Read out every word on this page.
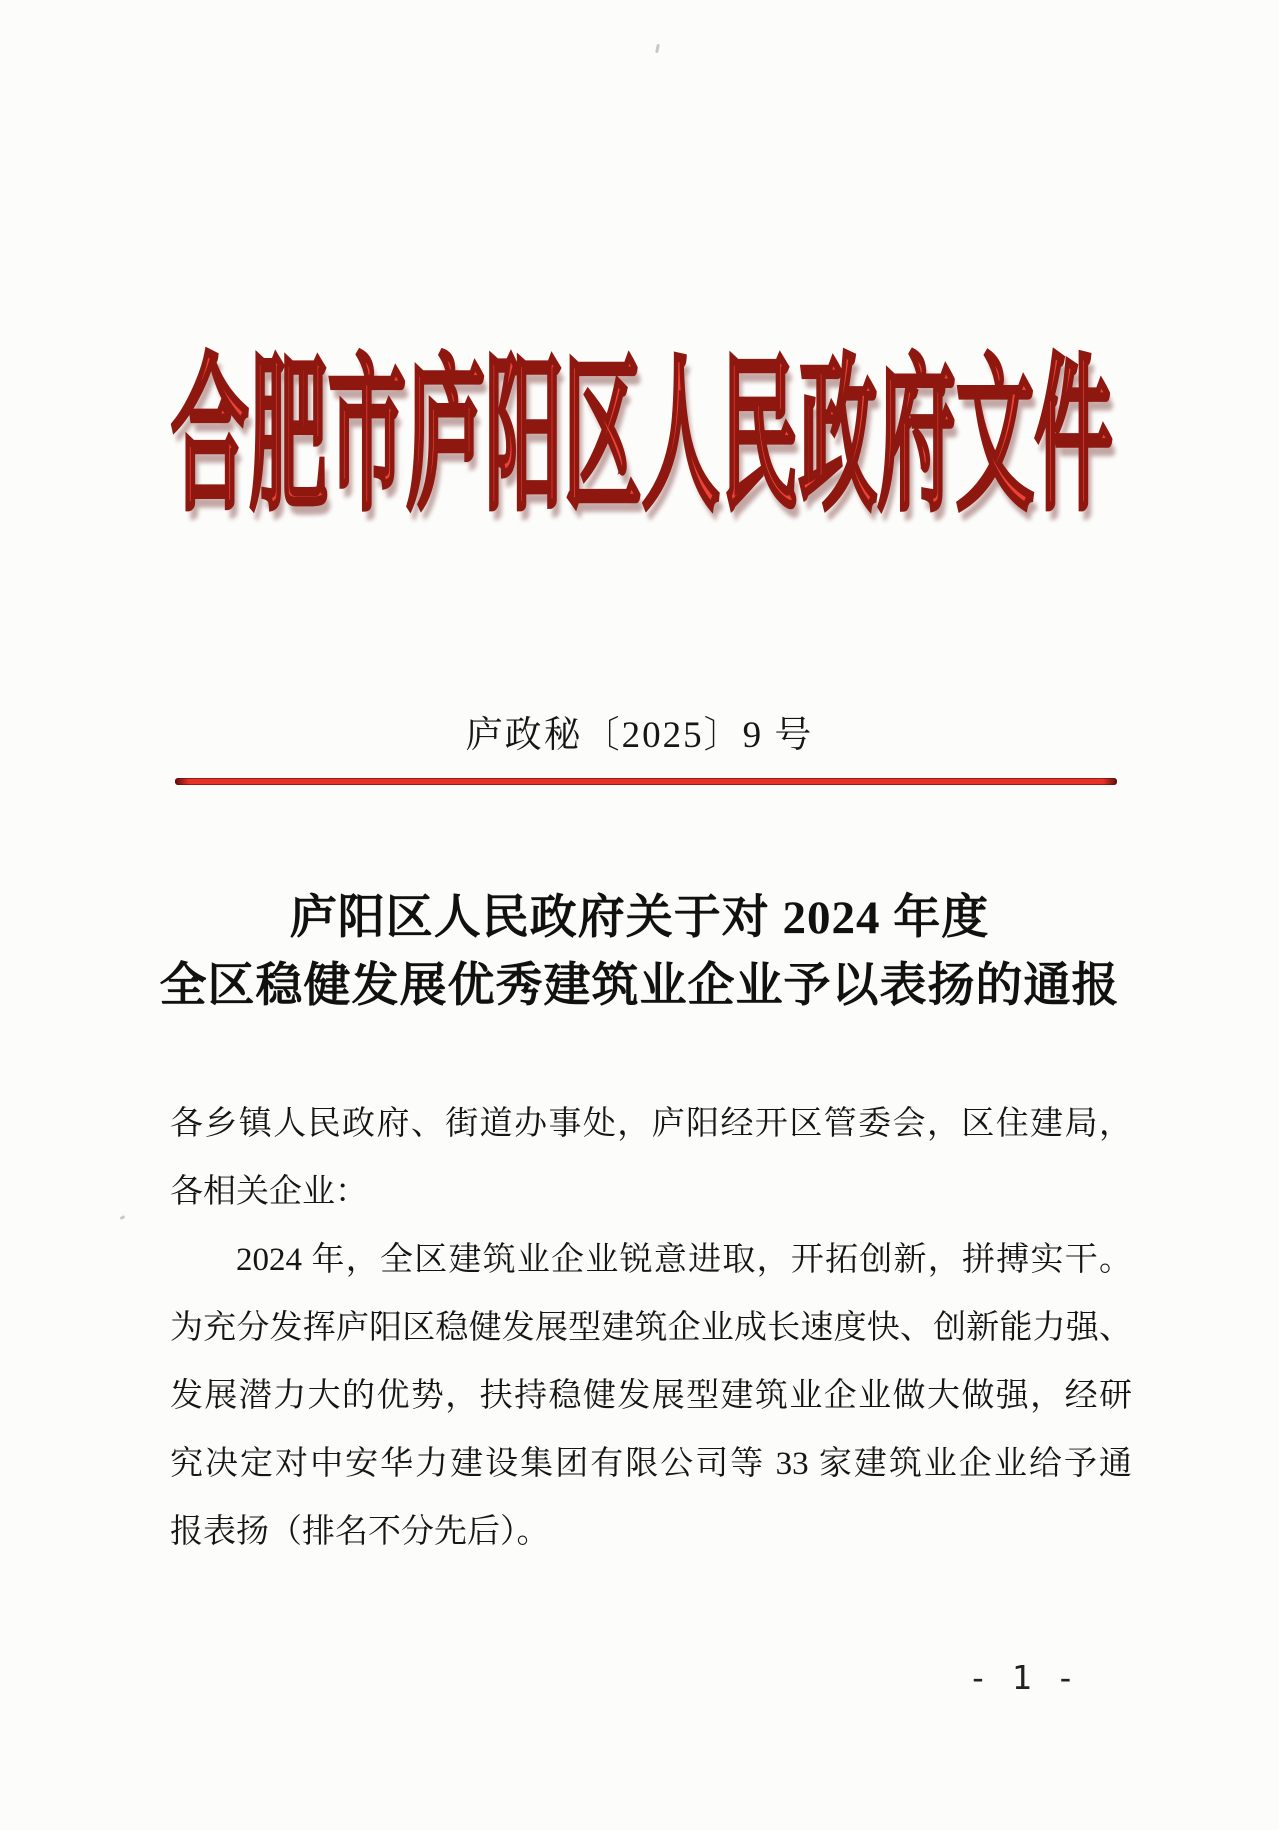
合肥市庐阳区人民政府文件
庐政秘〔2025〕9 号
庐阳区人民政府关于对 2024 年度
全区稳健发展优秀建筑业企业予以表扬的通报
各乡镇人民政府、街道办事处，庐阳经开区管委会，区住建局，
各相关企业：
2024 年，全区建筑业企业锐意进取，开拓创新，拼搏实干。
为充分发挥庐阳区稳健发展型建筑企业成长速度快、创新能力强、
发展潜力大的优势，扶持稳健发展型建筑业企业做大做强，经研
究决定对中安华力建设集团有限公司等 33 家建筑业企业给予通
报表扬（排名不分先后）。
- 1 -
